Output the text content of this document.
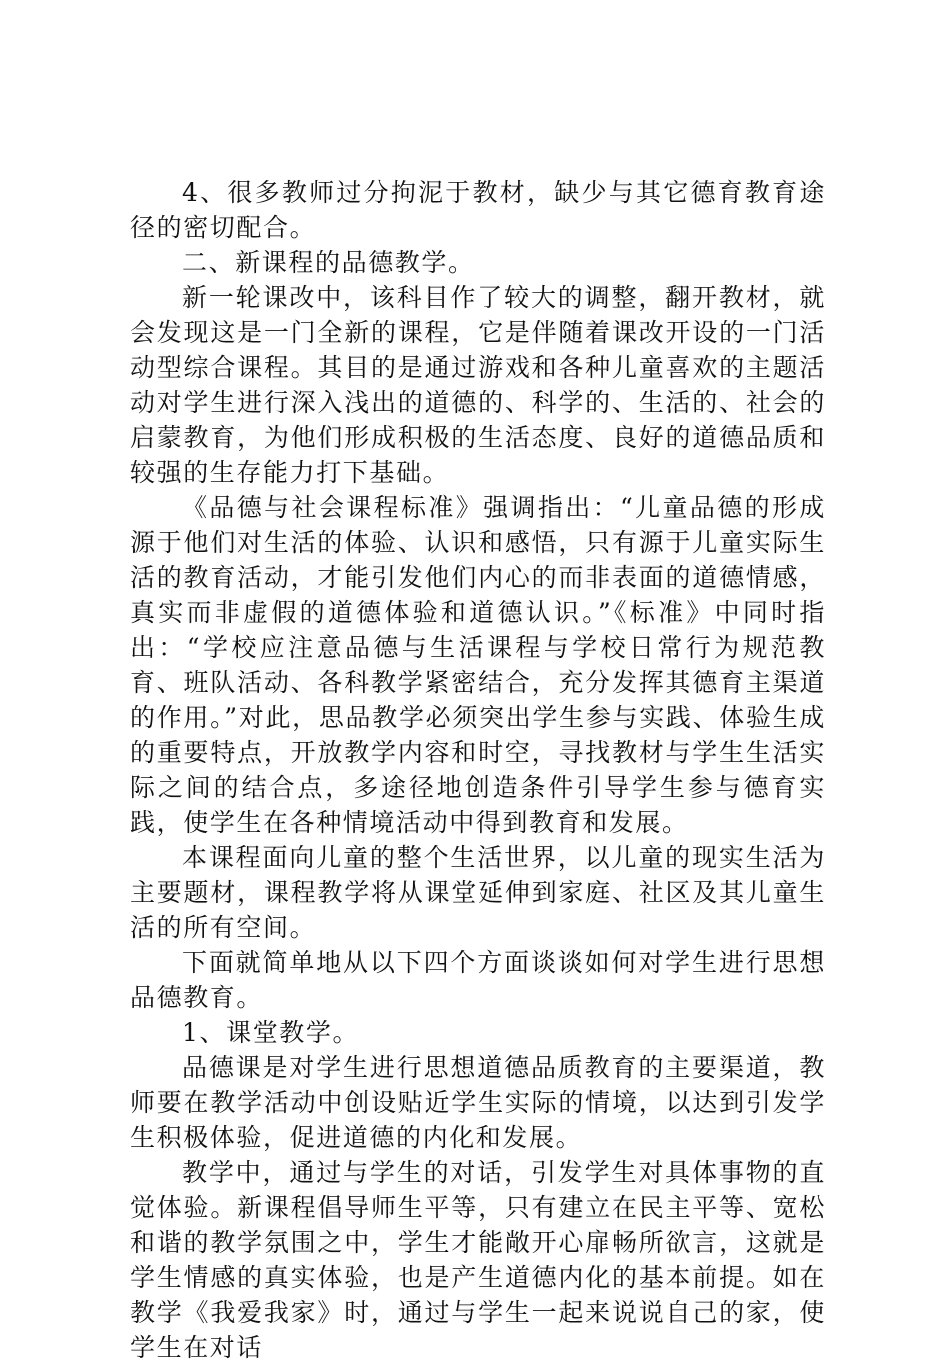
4、很多教师过分拘泥于教材，缺少与其它德育教育途径的密切配合。

二、新课程的品德教学。

新一轮课改中，该科目作了较大的调整，翻开教材，就会发现这是一门全新的课程，它是伴随着课改开设的一门活动型综合课程。其目的是通过游戏和各种儿童喜欢的主题活动对学生进行深入浅出的道德的、科学的、生活的、社会的启蒙教育，为他们形成积极的生活态度、良好的道德品质和较强的生存能力打下基础。

《品德与社会课程标准》强调指出：“儿童品德的形成源于他们对生活的体验、认识和感悟，只有源于儿童实际生活的教育活动，才能引发他们内心的而非表面的道德情感，真实而非虚假的道德体验和道德认识。”《标准》中同时指出：“学校应注意品德与生活课程与学校日常行为规范教育、班队活动、各科教学紧密结合，充分发挥其德育主渠道的作用。”对此，思品教学必须突出学生参与实践、体验生成的重要特点，开放教学内容和时空，寻找教材与学生生活实际之间的结合点，多途径地创造条件引导学生参与德育实践，使学生在各种情境活动中得到教育和发展。

本课程面向儿童的整个生活世界，以儿童的现实生活为主要题材，课程教学将从课堂延伸到家庭、社区及其儿童生活的所有空间。

下面就简单地从以下四个方面谈谈如何对学生进行思想品德教育。

1、课堂教学。

品德课是对学生进行思想道德品质教育的主要渠道，教师要在教学活动中创设贴近学生实际的情境，以达到引发学生积极体验，促进道德的内化和发展。

教学中，通过与学生的对话，引发学生对具体事物的直觉体验。新课程倡导师生平等，只有建立在民主平等、宽松和谐的教学氛围之中，学生才能敞开心扉畅所欲言，这就是学生情感的真实体验，也是产生道德内化的基本前提。如在教学《我爱我家》时，通过与学生一起来说说自己的家，使学生在对话
